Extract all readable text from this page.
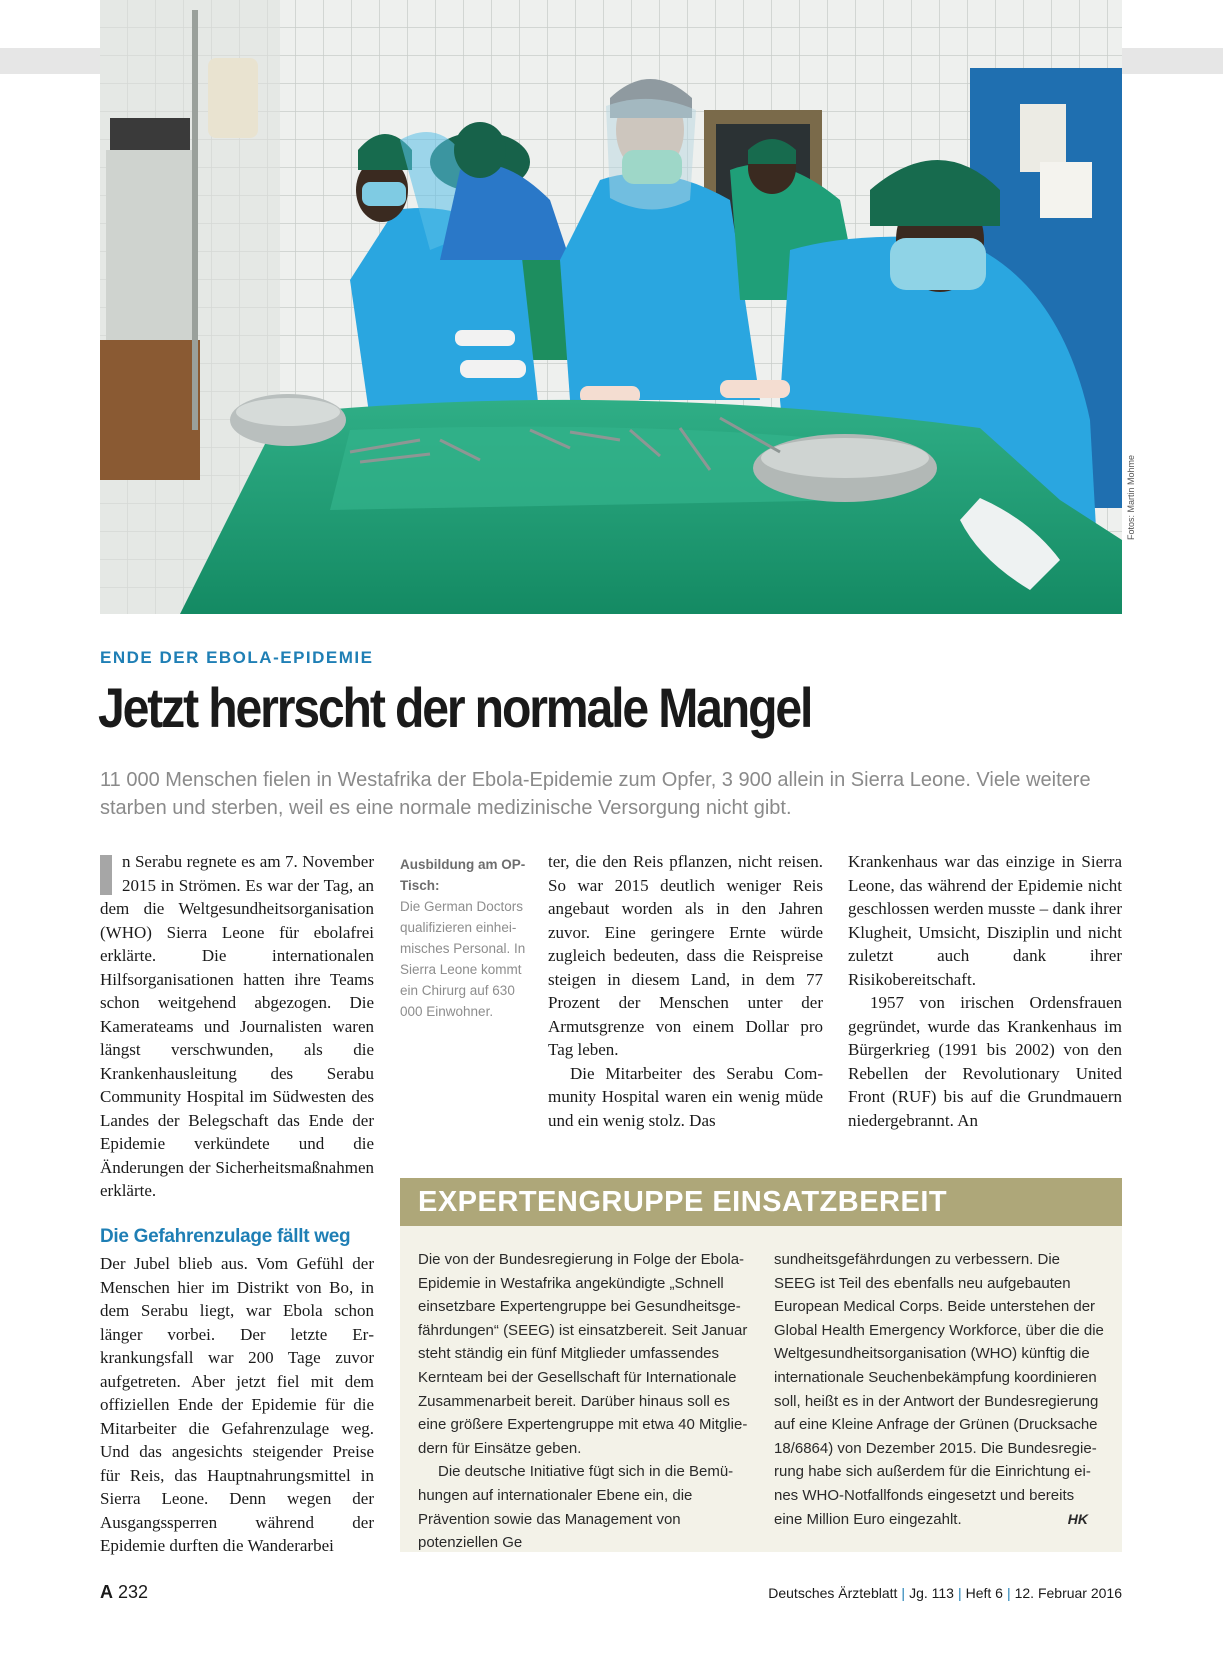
Fotos: Martin Mohme
ENDE DER EBOLA-EPIDEMIE
Jetzt herrscht der normale Mangel
11 000 Menschen fielen in Westafrika der Ebola-Epidemie zum Opfer, 3 900 allein in Sierra Leone. Viele weitere starben und sterben, weil es eine normale medizinische Versorgung nicht gibt.

n Serabu regnete es am 7. November 2015 in Strömen. Es war der Tag, an dem die Weltgesundheitsorganisation (WHO) Sierra Leone für ebolafrei erklärte. Die internationalen Hilfsorganisationen hatten ihre Teams schon weitgehend abgezogen. Die Kamerateams und Journalisten waren längst verschwunden, als die Krankenhausleitung des Serabu Community Hospital im Südwesten des Landes der Belegschaft das Ende der Epidemie verkündete und die Änderungen der Sicherheitsmaßnahmen erklärte.

Die Gefahrenzulage fällt weg

Der Jubel blieb aus. Vom Gefühl der Menschen hier im Distrikt von Bo, in dem Serabu liegt, war Ebola schon länger vorbei. Der letzte Erkrankungsfall war 200 Tage zuvor aufgetreten. Aber jetzt fiel mit dem offiziellen Ende der Epidemie für die Mitarbeiter die Gefahrenzulage weg. Und das angesichts steigender Preise für Reis, das Hauptnahrungsmittel in Sierra Leone. Denn wegen der Ausgangssperren während der Epidemie durften die Wanderarbei

Ausbildung am OP-Tisch:
Die German Doctors qualifizieren einheimisches Personal. In Sierra Leone kommt ein Chirurg auf 630 000 Einwohner.

ter, die den Reis pflanzen, nicht reisen. So war 2015 deutlich weniger Reis angebaut worden als in den Jahren zuvor. Eine geringere Ernte würde zugleich bedeuten, dass die Reispreise steigen in diesem Land, in dem 77 Prozent der Menschen unter der Armutsgrenze von einem Dollar pro Tag leben.

Die Mitarbeiter des Serabu Community Hospital waren ein wenig müde und ein wenig stolz. Das

Krankenhaus war das einzige in Sierra Leone, das während der Epidemie nicht geschlossen werden musste – dank ihrer Klugheit, Umsicht, Disziplin und nicht zuletzt auch dank ihrer Risikobereitschaft.

1957 von irischen Ordensfrauen gegründet, wurde das Krankenhaus im Bürgerkrieg (1991 bis 2002) von den Rebellen der Revolutionary United Front (RUF) bis auf die Grundmauern niedergebrannt. An

EXPERTENGRUPPE EINSATZBEREIT

Die von der Bundesregierung in Folge der Ebola-Epidemie in Westafrika angekündigte „Schnell einsetzbare Expertengruppe bei Gesundheitsgefährdungen“ (SEEG) ist einsatzbereit. Seit Januar steht ständig ein fünf Mitglieder umfassendes Kernteam bei der Gesellschaft für Internationale Zusammenarbeit bereit. Darüber hinaus soll es eine größere Expertengruppe mit etwa 40 Mitgliedern für Einsätze geben.

Die deutsche Initiative fügt sich in die Bemühungen auf internationaler Ebene ein, die Prävention sowie das Management von potenziellen Ge

sundheitsgefährdungen zu verbessern. Die SEEG ist Teil des ebenfalls neu aufgebauten European Medical Corps. Beide unterstehen der Global Health Emergency Workforce, über die die Weltgesundheitsorganisation (WHO) künftig die internationale Seuchenbekämpfung koordinieren soll, heißt es in der Antwort der Bundesregierung auf eine Kleine Anfrage der Grünen (Drucksache 18/6864) von Dezember 2015. Die Bundesregierung habe sich außerdem für die Einrichtung eines WHO-Notfallfonds eingesetzt und bereits eine Million Euro eingezahlt.	HK

A 232	Deutsches Ärzteblatt | Jg. 113 | Heft 6 | 12. Februar 2016
